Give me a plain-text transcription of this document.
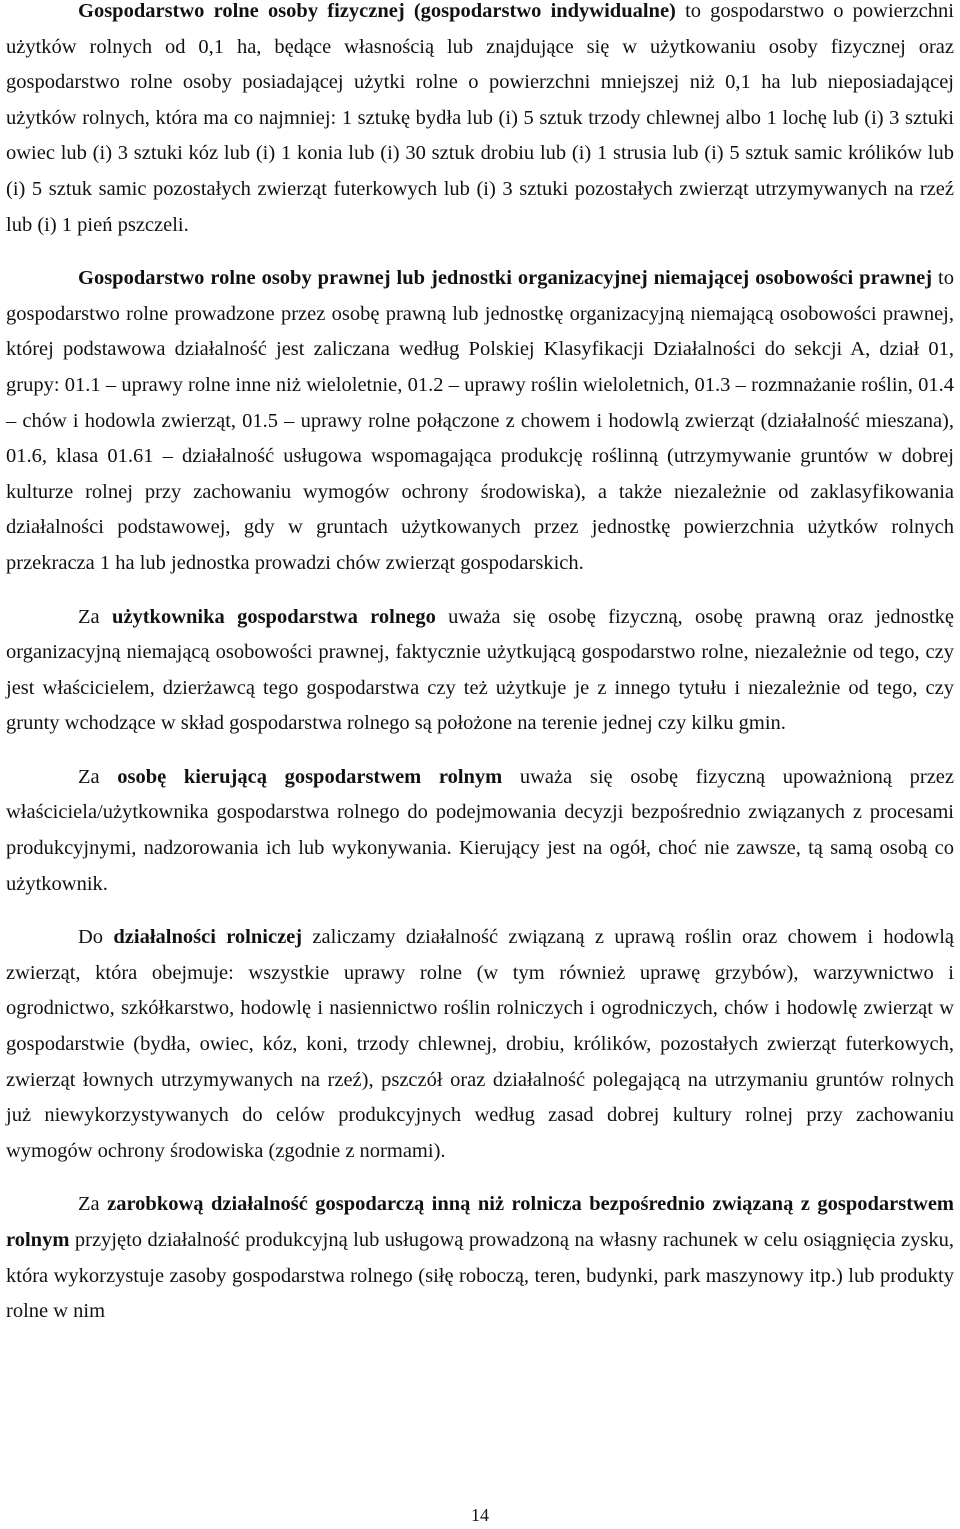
Gospodarstwo rolne osoby fizycznej (gospodarstwo indywidualne) to gospodarstwo o powierzchni użytków rolnych od 0,1 ha, będące własnością lub znajdujące się w użytkowaniu osoby fizycznej oraz gospodarstwo rolne osoby posiadającej użytki rolne o powierzchni mniejszej niż 0,1 ha lub nieposiadającej użytków rolnych, która ma co najmniej: 1 sztukę bydła lub (i) 5 sztuk trzody chlewnej albo 1 lochę lub (i) 3 sztuki owiec lub (i) 3 sztuki kóz lub (i) 1 konia lub (i) 30 sztuk drobiu lub (i) 1 strusia lub (i) 5 sztuk samic królików lub (i) 5 sztuk samic pozostałych zwierząt futerkowych lub (i) 3 sztuki pozostałych zwierząt utrzymywanych na rzeź lub (i) 1 pień pszczeli.

Gospodarstwo rolne osoby prawnej lub jednostki organizacyjnej niemającej osobowości prawnej to gospodarstwo rolne prowadzone przez osobę prawną lub jednostkę organizacyjną niemającą osobowości prawnej, której podstawowa działalność jest zaliczana według Polskiej Klasyfikacji Działalności do sekcji A, dział 01, grupy: 01.1 – uprawy rolne inne niż wieloletnie, 01.2 – uprawy roślin wieloletnich, 01.3 – rozmnażanie roślin, 01.4 – chów i hodowla zwierząt, 01.5 – uprawy rolne połączone z chowem i hodowlą zwierząt (działalność mieszana), 01.6, klasa 01.61 – działalność usługowa wspomagająca produkcję roślinną (utrzymywanie gruntów w dobrej kulturze rolnej przy zachowaniu wymogów ochrony środowiska), a także niezależnie od zaklasyfikowania działalności podstawowej, gdy w gruntach użytkowanych przez jednostkę powierzchnia użytków rolnych przekracza 1 ha lub jednostka prowadzi chów zwierząt gospodarskich.

Za użytkownika gospodarstwa rolnego uważa się osobę fizyczną, osobę prawną oraz jednostkę organizacyjną niemającą osobowości prawnej, faktycznie użytkującą gospodarstwo rolne, niezależnie od tego, czy jest właścicielem, dzierżawcą tego gospodarstwa czy też użytkuje je z innego tytułu i niezależnie od tego, czy grunty wchodzące w skład gospodarstwa rolnego są położone na terenie jednej czy kilku gmin.

Za osobę kierującą gospodarstwem rolnym uważa się osobę fizyczną upoważnioną przez właściciela/użytkownika gospodarstwa rolnego do podejmowania decyzji bezpośrednio związanych z procesami produkcyjnymi, nadzorowania ich lub wykonywania. Kierujący jest na ogół, choć nie zawsze, tą samą osobą co użytkownik.

Do działalności rolniczej zaliczamy działalność związaną z uprawą roślin oraz chowem i hodowlą zwierząt, która obejmuje: wszystkie uprawy rolne (w tym również uprawę grzybów), warzywnictwo i ogrodnictwo, szkółkarstwo, hodowlę i nasiennictwo roślin rolniczych i ogrodniczych, chów i hodowlę zwierząt w gospodarstwie (bydła, owiec, kóz, koni, trzody chlewnej, drobiu, królików, pozostałych zwierząt futerkowych, zwierząt łownych utrzymywanych na rzeź), pszczół oraz działalność polegającą na utrzymaniu gruntów rolnych już niewykorzystywanych do celów produkcyjnych według zasad dobrej kultury rolnej przy zachowaniu wymogów ochrony środowiska (zgodnie z normami).

Za zarobkową działalność gospodarczą inną niż rolnicza bezpośrednio związaną z gospodarstwem rolnym przyjęto działalność produkcyjną lub usługową prowadzoną na własny rachunek w celu osiągnięcia zysku, która wykorzystuje zasoby gospodarstwa rolnego (siłę roboczą, teren, budynki, park maszynowy itp.) lub produkty rolne w nim

14
